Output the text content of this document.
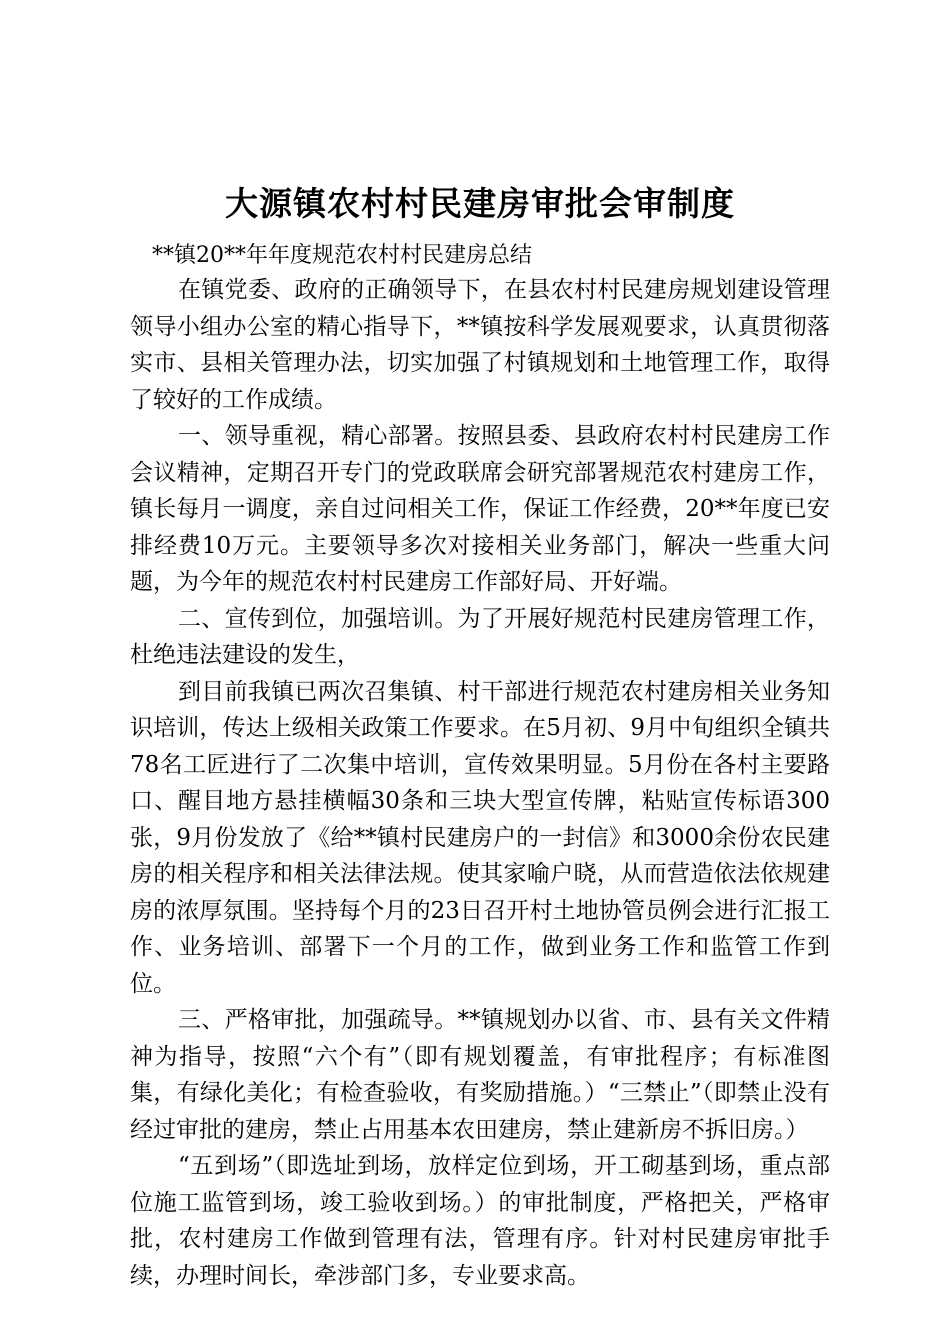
大源镇农村村民建房审批会审制度

**镇20**年年度规范农村村民建房总结

在镇党委、政府的正确领导下，在县农村村民建房规划建设管理领导小组办公室的精心指导下，**镇按科学发展观要求，认真贯彻落实市、县相关管理办法，切实加强了村镇规划和土地管理工作，取得了较好的工作成绩。

一、领导重视，精心部署。按照县委、县政府农村村民建房工作会议精神，定期召开专门的党政联席会研究部署规范农村建房工作，镇长每月一调度，亲自过问相关工作，保证工作经费，20**年度已安排经费10万元。主要领导多次对接相关业务部门，解决一些重大问题，为今年的规范农村村民建房工作部好局、开好端。

二、宣传到位，加强培训。为了开展好规范村民建房管理工作，杜绝违法建设的发生，

到目前我镇已两次召集镇、村干部进行规范农村建房相关业务知识培训，传达上级相关政策工作要求。在5月初、9月中旬组织全镇共78名工匠进行了二次集中培训，宣传效果明显。5月份在各村主要路口、醒目地方悬挂横幅30条和三块大型宣传牌，粘贴宣传标语300张，9月份发放了《给**镇村民建房户的一封信》和3000余份农民建房的相关程序和相关法律法规。使其家喻户晓，从而营造依法依规建房的浓厚氛围。坚持每个月的23日召开村土地协管员例会进行汇报工作、业务培训、部署下一个月的工作，做到业务工作和监管工作到位。

三、严格审批，加强疏导。**镇规划办以省、市、县有关文件精神为指导，按照“六个有”（即有规划覆盖，有审批程序；有标准图集，有绿化美化；有检查验收，有奖励措施。）“三禁止”（即禁止没有经过审批的建房，禁止占用基本农田建房，禁止建新房不拆旧房。）

“五到场”（即选址到场，放样定位到场，开工砌基到场，重点部位施工监管到场，竣工验收到场。）的审批制度，严格把关，严格审批，农村建房工作做到管理有法，管理有序。针对村民建房审批手续，办理时间长，牵涉部门多，专业要求高。
